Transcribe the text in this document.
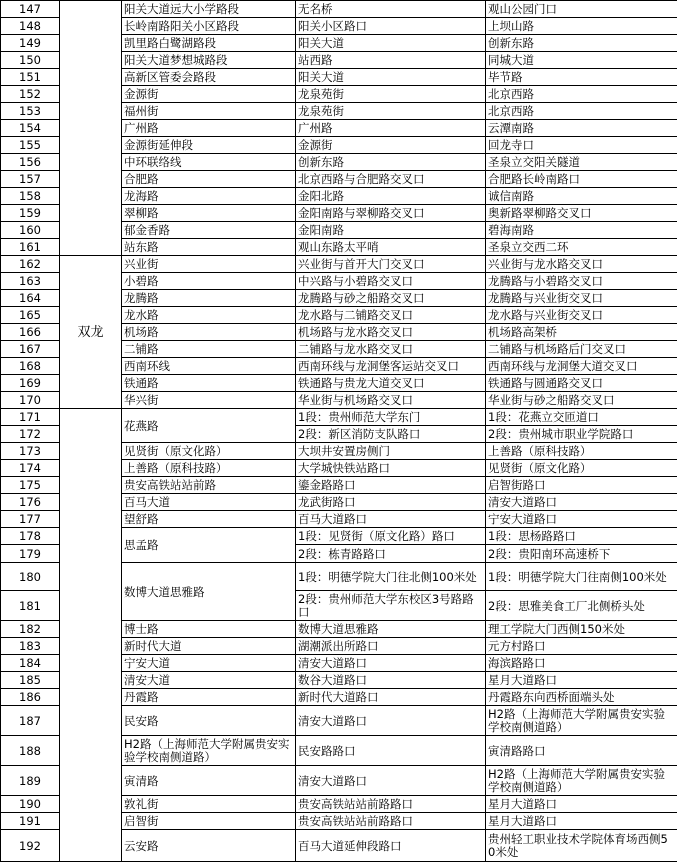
147		阳关大道远大小学路段	无名桥	观山公园门口
148		长岭南路阳关小区路段	阳关小区路口	上坝山路
149		凯里路白鹭湖路段	阳关大道	创新东路
150		阳关大道梦想城路段	站西路	同城大道
151		高新区管委会路段	阳关大道	毕节路
152		金源街	龙泉苑街	北京西路
153		福州街	龙泉苑街	北京西路
154		广州路	广州路	云潭南路
155		金源街延伸段	金源街	回龙寺口
156		中环联络线	创新东路	圣泉立交阳关隧道
157		合肥路	北京西路与合肥路交叉口	合肥路长岭南路口
158		龙海路	金阳北路	诚信南路
159		翠柳路	金阳南路与翠柳路交叉口	奥新路翠柳路交叉口
160		郁金香路	金阳南路	碧海南路
161		站东路	观山东路太平哨	圣泉立交西二环
162	双龙	兴业街	兴业街与首开大门交叉口	兴业街与龙水路交叉口
163		小碧路	中兴路与小碧路交叉口	龙腾路与小碧路交叉口
164		龙腾路	龙腾路与砂之船路交叉口	龙腾路与兴业街交叉口
165		龙水路	龙水路与二铺路交叉口	龙水路与兴业街交叉口
166		机场路	机场路与龙水路交叉口	机场路高架桥
167		二铺路	二铺路与龙水路交叉口	二铺路与机场路后门交叉口
168		西南环线	西南环线与龙洞堡客运站交叉口	西南环线与龙洞堡大道交叉口
169		铁通路	铁通路与贵龙大道交叉口	铁通路与圆通路交叉口
170		华兴街	华业街与机场路交叉口	华业街与砂之船路交叉口
171		花燕路	1段：贵州师范大学东门	1段：花燕立交匝道口
172			2段：新区消防支队路口	2段：贵州城市职业学院路口
173		见贤街（原文化路）	大坝井安置房侧门	上善路（原科技路）
174		上善路（原科技路）	大学城快铁站路口	见贤街（原文化路）
175		贵安高铁站站前路	鎏金路路口	启智街路口
176		百马大道	龙武街路口	清安大道路口
177		望舒路	百马大道路口	宁安大道路口
178		思孟路	1段：见贤街（原文化路）路口	1段：思杨路路口
179			2段：栋青路路口	2段：贵阳南环高速桥下
180		数博大道思雅路	1段：明德学院大门往北侧100米处	1段：明德学院大门往南侧100米处
181			2段：贵州师范大学东校区3号路路口	2段：思雅美食工厂北侧桥头处
182		博士路	数博大道思雅路	理工学院大门西侧150米处
183		新时代大道	湖潮派出所路口	元方村路口
184		宁安大道	清安大道路口	海滨路路口
185		清安大道	数谷大道路口	星月大道路口
186		丹霞路	新时代大道路口	丹霞路东向西桥面端头处
187		民安路	清安大道路口	H2路（上海师范大学附属贵安实验学校南侧道路）
188		H2路（上海师范大学附属贵安实验学校南侧道路）	民安路路口	寅清路路口
189		寅清路	清安大道路口	H2路（上海师范大学附属贵安实验学校南侧道路）
190		敦礼街	贵安高铁站站前路路口	星月大道路口
191		启智街	贵安高铁站站前路路口	星月大道路口
192		云安路	百马大道延伸段路口	贵州轻工职业技术学院体育场西侧50米处
